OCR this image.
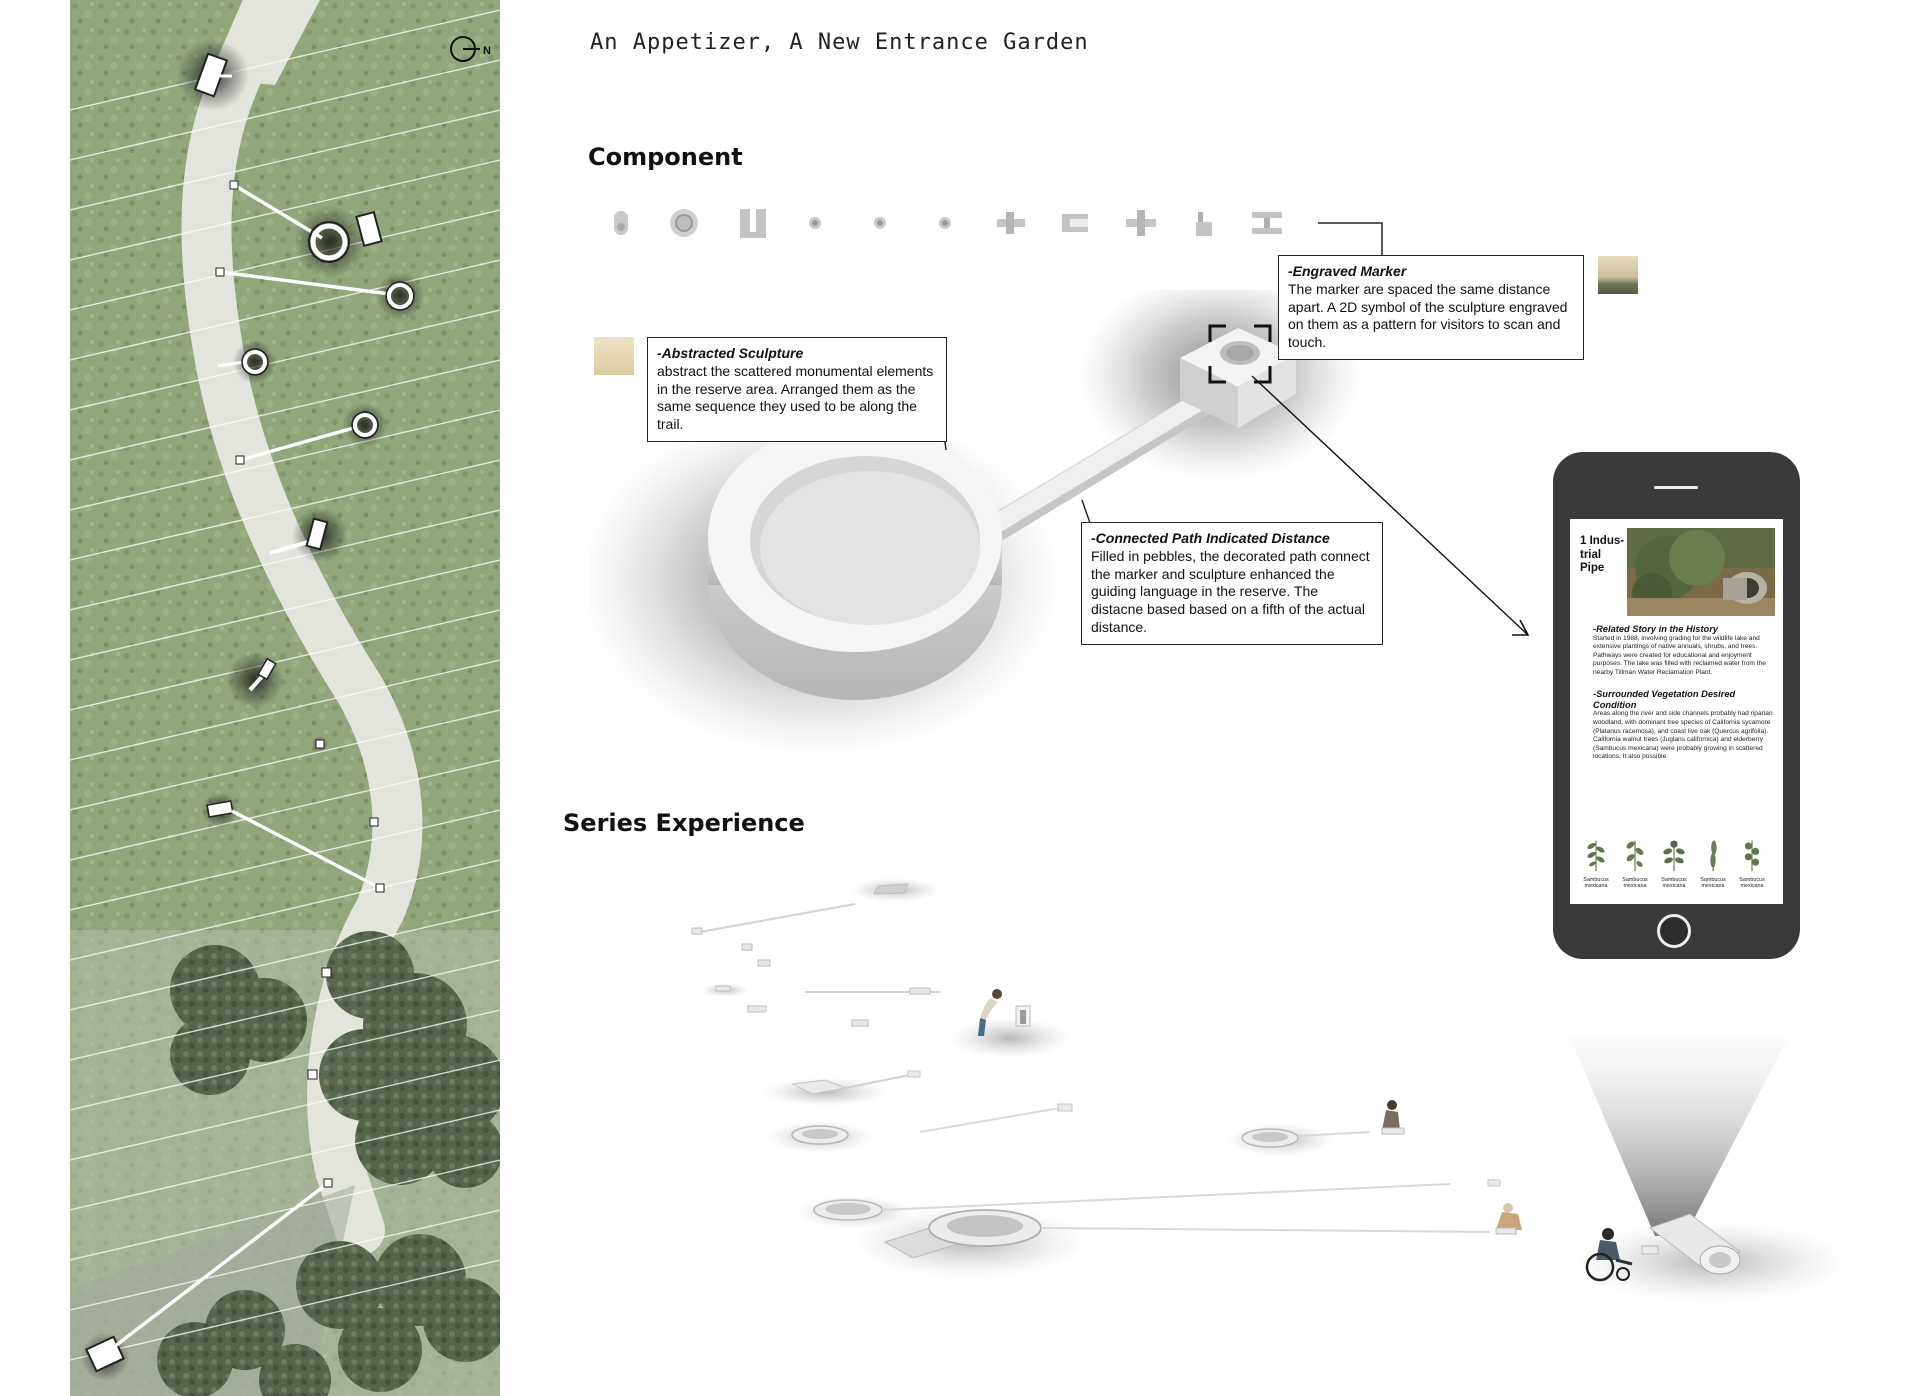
N	An Appetizer, A New Entrance Garden
Component
Series Experience
-Abstracted Sculpture
abstract the scattered monumental elements in the reserve area. Arranged them as the same sequence they used to be along the trail.
-Engraved Marker
The marker are spaced the same distance apart. A 2D symbol of the sculpture engraved on them as a pattern for visitors to scan and touch.
-Connected Path Indicated Distance
Filled in pebbles, the decorated path connect the marker and sculpture enhanced the guiding language in the reserve. The distacne based based on a fifth of the actual distance.
1 Indus- trial Pipe
-Related Story in the History
Started in 1988, involving grading for the wildlife lake and extensive plantings of native annuals, shrubs, and trees. Pathways were created for educational and enjoyment purposes. The lake was filled with reclaimed water from the nearby Tillman Water Reclamation Plant.
-Surrounded Vegetation Desired Condition
Areas along the river and side channels probably had riparian woodland, with dominant tree species of California sycamore (Platanus racemosa), and coast live oak (Quercus agrifolia). California walnut trees (Juglans californica) and elderberry (Sambucus mexicana) were probably growing in scattered locations. It also possible
Sambucus mexicana
Sambucus mexicana
Sambucus mexicana
Sambucus mexicana
Sambucus mexicana
